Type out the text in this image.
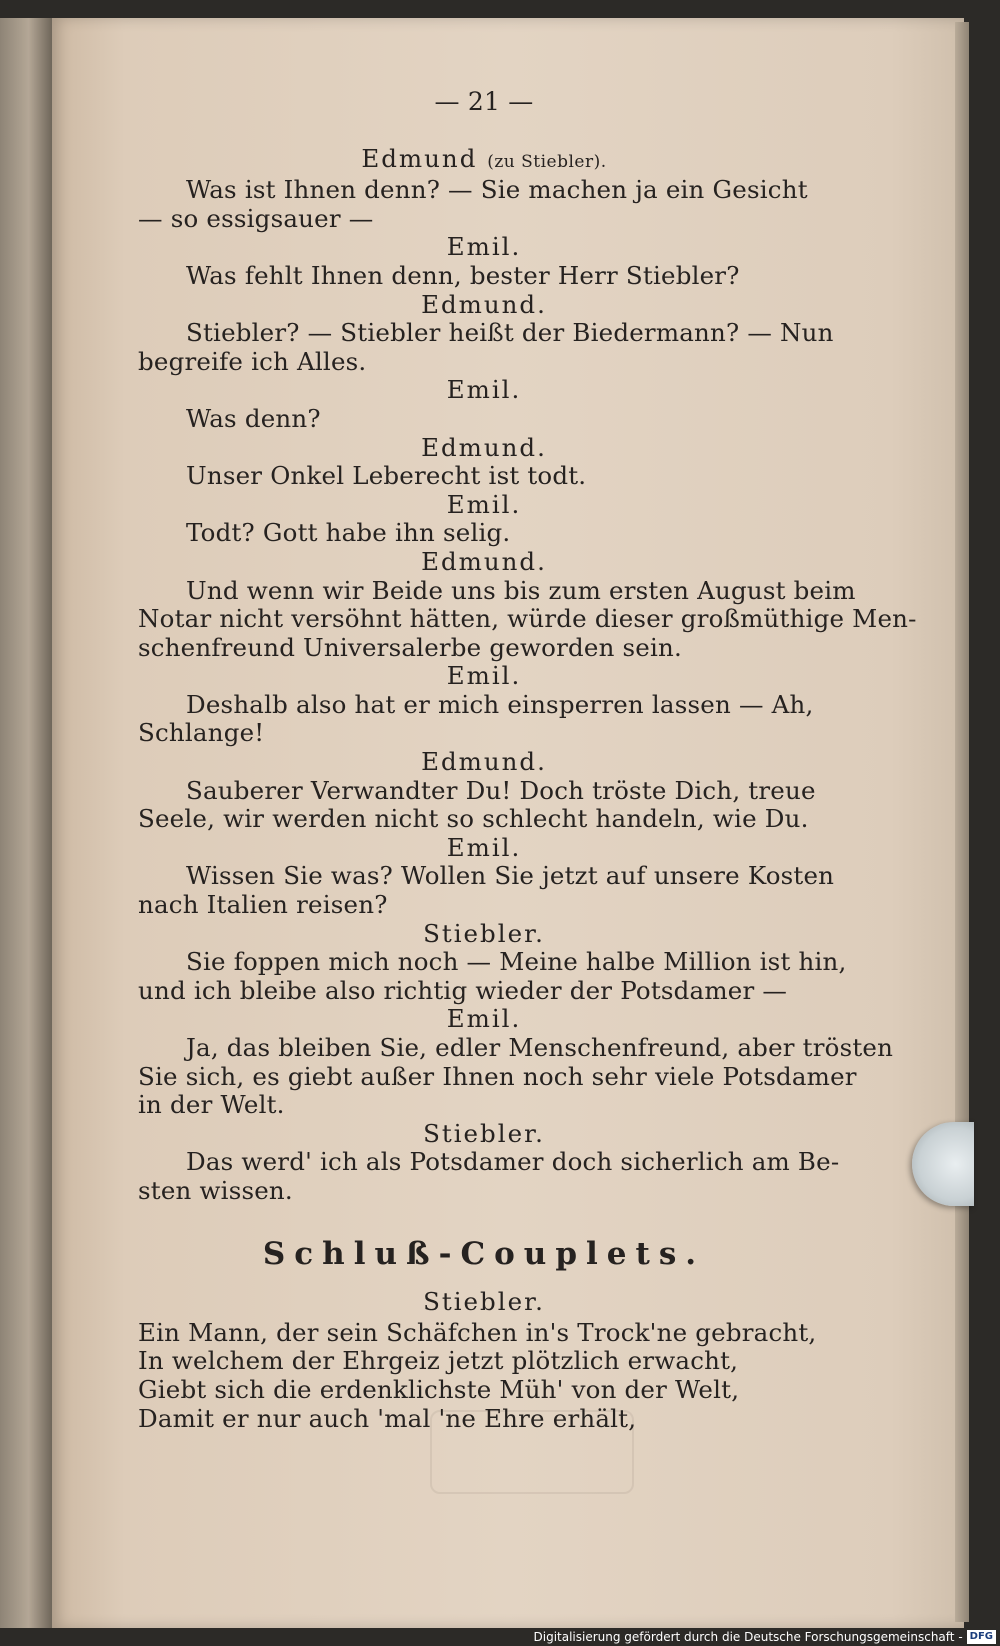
— 21 —
Edmund (zu Stiebler).
Was ist Ihnen denn? — Sie machen ja ein Gesicht
— so essigsauer —
Emil.
Was fehlt Ihnen denn, bester Herr Stiebler?
Edmund.
Stiebler? — Stiebler heißt der Biedermann? — Nun
begreife ich Alles.
Emil.
Was denn?
Edmund.
Unser Onkel Leberecht ist todt.
Emil.
Todt? Gott habe ihn selig.
Edmund.
Und wenn wir Beide uns bis zum ersten August beim
Notar nicht versöhnt hätten, würde dieser großmüthige Men-
schenfreund Universalerbe geworden sein.
Emil.
Deshalb also hat er mich einsperren lassen — Ah,
Schlange!
Edmund.
Sauberer Verwandter Du! Doch tröste Dich, treue
Seele, wir werden nicht so schlecht handeln, wie Du.
Emil.
Wissen Sie was? Wollen Sie jetzt auf unsere Kosten
nach Italien reisen?
Stiebler.
Sie foppen mich noch — Meine halbe Million ist hin,
und ich bleibe also richtig wieder der Potsdamer —
Emil.
Ja, das bleiben Sie, edler Menschenfreund, aber trösten
Sie sich, es giebt außer Ihnen noch sehr viele Potsdamer
in der Welt.
Stiebler.
Das werd' ich als Potsdamer doch sicherlich am Be-
sten wissen.
Schluß-Couplets.
Stiebler.
Ein Mann, der sein Schäfchen in's Trock'ne gebracht,
In welchem der Ehrgeiz jetzt plötzlich erwacht,
Giebt sich die erdenklichste Müh' von der Welt,
Damit er nur auch 'mal 'ne Ehre erhält,
Digitalisierung gefördert durch die Deutsche Forschungsgemeinschaft - DFG
